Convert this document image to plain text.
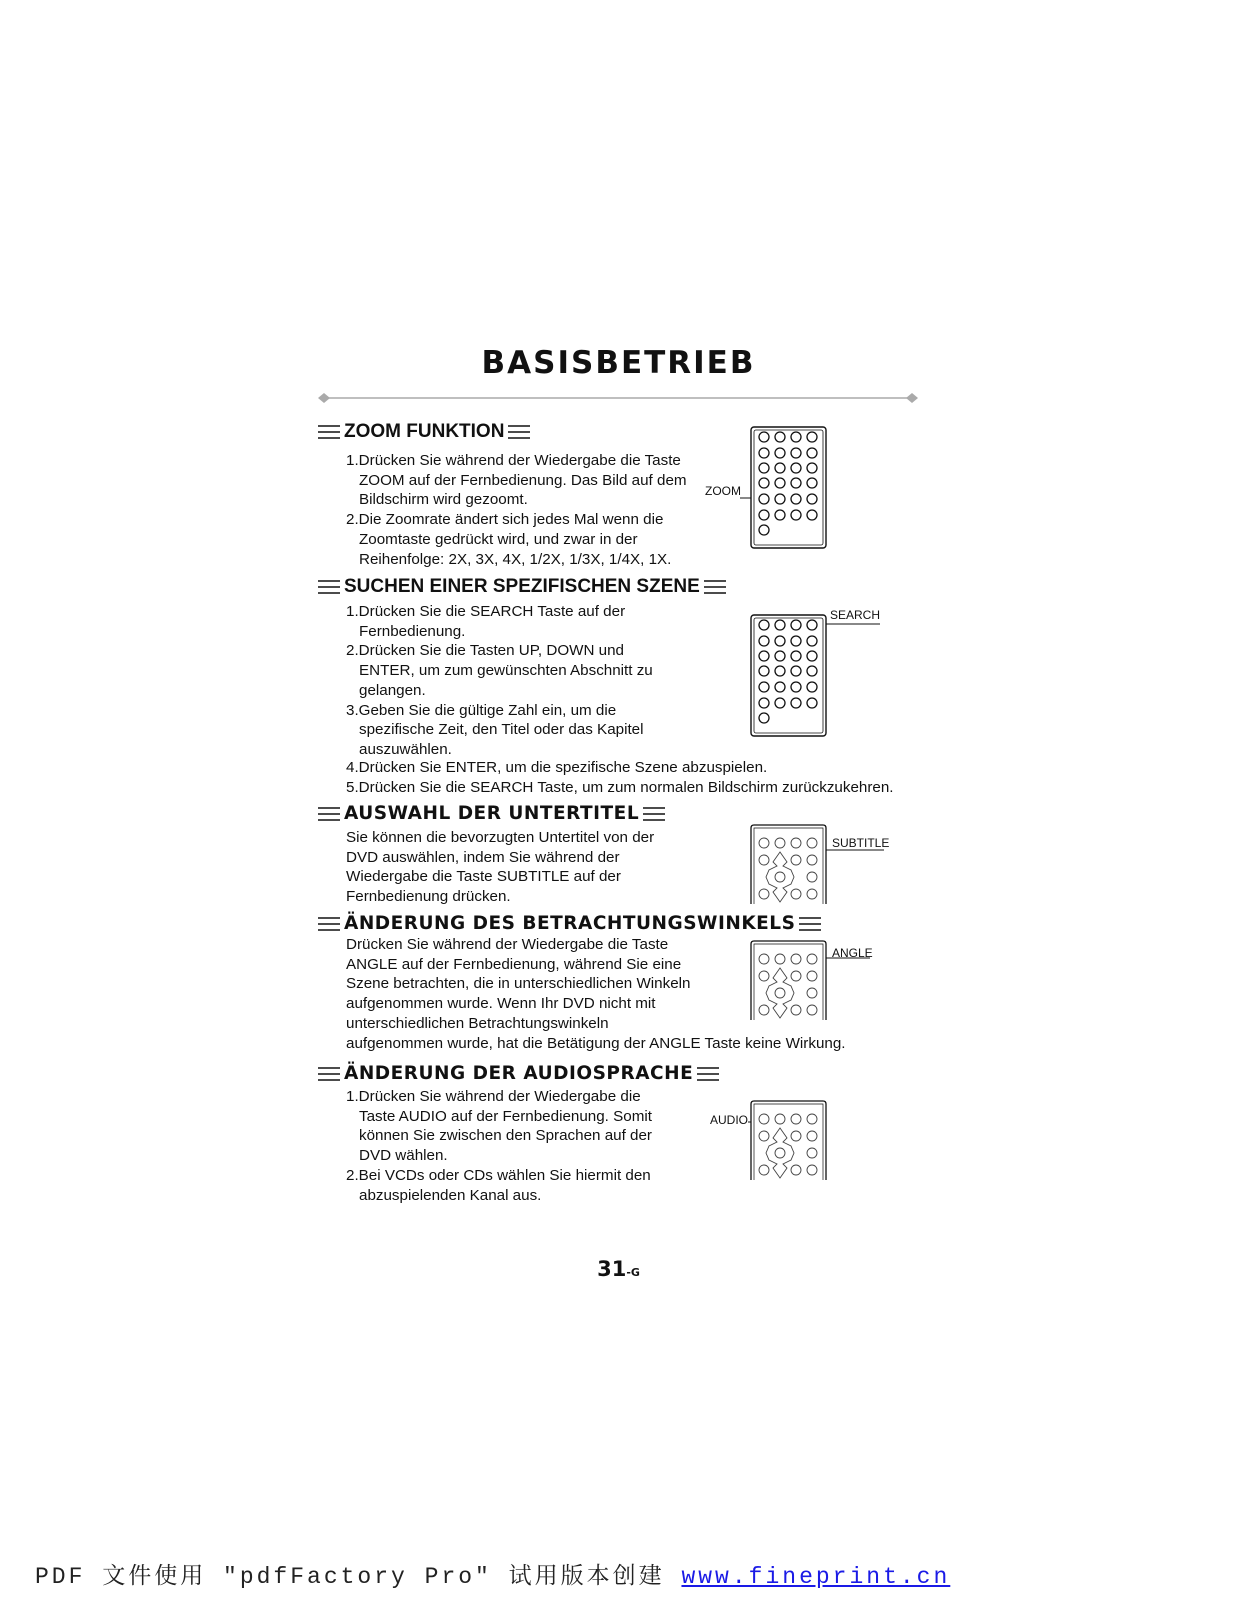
BASISBETRIEB
ZOOM FUNKTION
1.Drücken Sie während der Wiedergabe die Taste ZOOM auf der Fernbedienung. Das Bild auf dem Bildschirm wird gezoomt.
2.Die Zoomrate ändert sich jedes Mal wenn die Zoomtaste gedrückt wird, und zwar in der Reihenfolge: 2X, 3X, 4X, 1/2X, 1/3X, 1/4X, 1X.
ZOOM
SUCHEN EINER SPEZIFISCHEN SZENE
1.Drücken Sie die SEARCH Taste auf der Fernbedienung.
2.Drücken Sie die Tasten UP, DOWN und ENTER, um zum gewünschten Abschnitt zu gelangen.
3.Geben Sie die gültige Zahl ein, um die spezifische Zeit, den Titel oder das Kapitel auszuwählen.
4.Drücken Sie ENTER, um die spezifische Szene abzuspielen.
5.Drücken Sie die SEARCH Taste, um zum normalen Bildschirm zurückzukehren.
SEARCH
AUSWAHL DER UNTERTITEL
Sie können die bevorzugten Untertitel von der DVD auswählen, indem Sie während der Wiedergabe die Taste SUBTITLE auf der Fernbedienung drücken.
SUBTITLE
ÄNDERUNG DES BETRACHTUNGSWINKELS
Drücken Sie während der Wiedergabe die Taste
ANGLE auf der Fernbedienung, während Sie eine
Szene betrachten, die in unterschiedlichen Winkeln
aufgenommen wurde. Wenn Ihr DVD nicht mit
unterschiedlichen Betrachtungswinkeln
aufgenommen wurde, hat die Betätigung der ANGLE Taste keine Wirkung.
ANGLE
ÄNDERUNG DER AUDIOSPRACHE
1.Drücken Sie während der Wiedergabe die Taste AUDIO auf der Fernbedienung. Somit können Sie zwischen den Sprachen auf der DVD wählen.
2.Bei VCDs oder CDs wählen Sie hiermit den abzuspielenden Kanal aus.
AUDIO
31-G
PDF 文件使用 "pdfFactory Pro" 试用版本创建 www.fineprint.cn
